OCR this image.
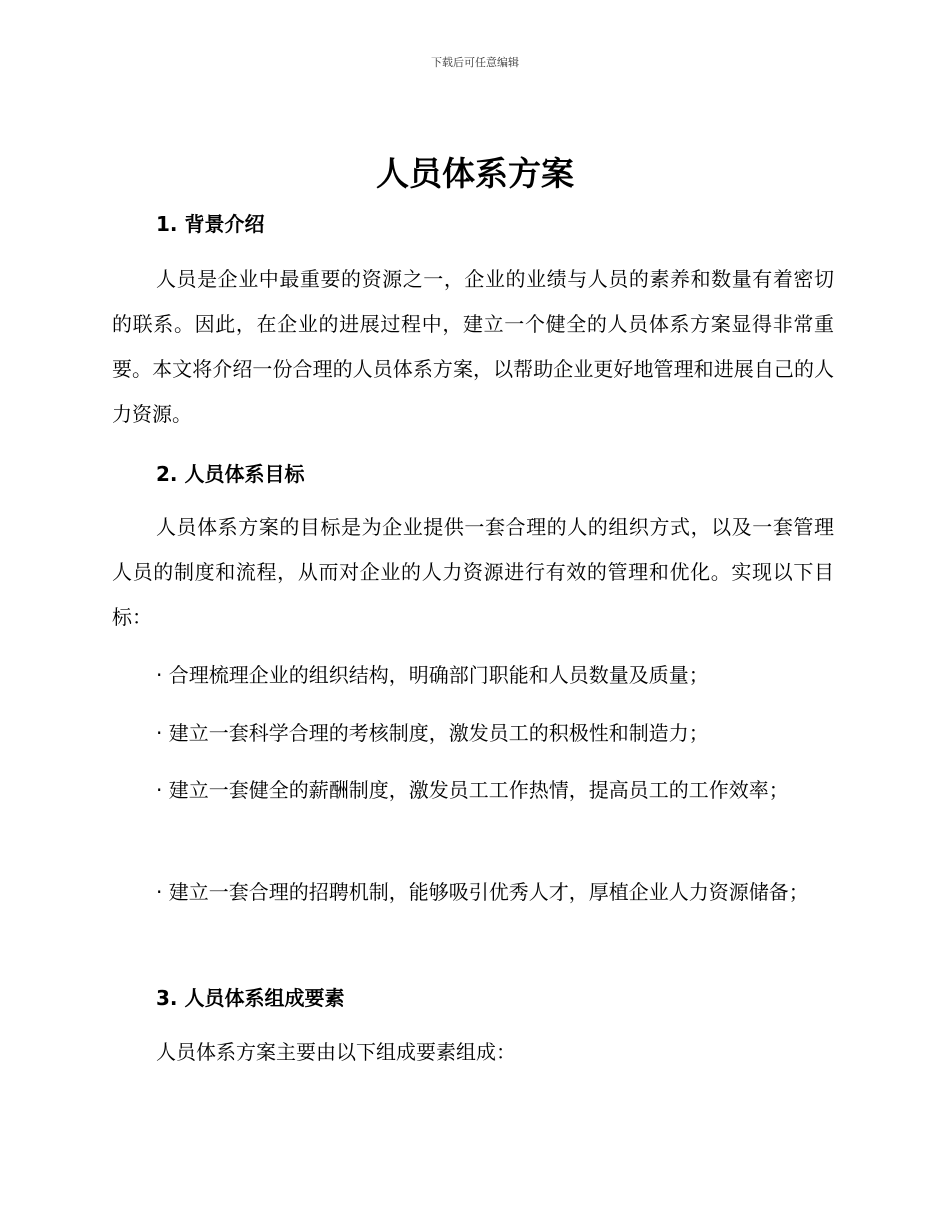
下载后可任意编辑
人员体系方案
1. 背景介绍
人员是企业中最重要的资源之一，企业的业绩与人员的素养和数量有着密切的联系。因此，在企业的进展过程中，建立一个健全的人员体系方案显得非常重要。本文将介绍一份合理的人员体系方案，以帮助企业更好地管理和进展自己的人力资源。
2. 人员体系目标
人员体系方案的目标是为企业提供一套合理的人的组织方式，以及一套管理人员的制度和流程，从而对企业的人力资源进行有效的管理和优化。实现以下目标：
· 合理梳理企业的组织结构，明确部门职能和人员数量及质量；
· 建立一套科学合理的考核制度，激发员工的积极性和制造力；
· 建立一套健全的薪酬制度，激发员工工作热情，提高员工的工作效率；
· 建立一套合理的招聘机制，能够吸引优秀人才，厚植企业人力资源储备；
3. 人员体系组成要素
人员体系方案主要由以下组成要素组成：
